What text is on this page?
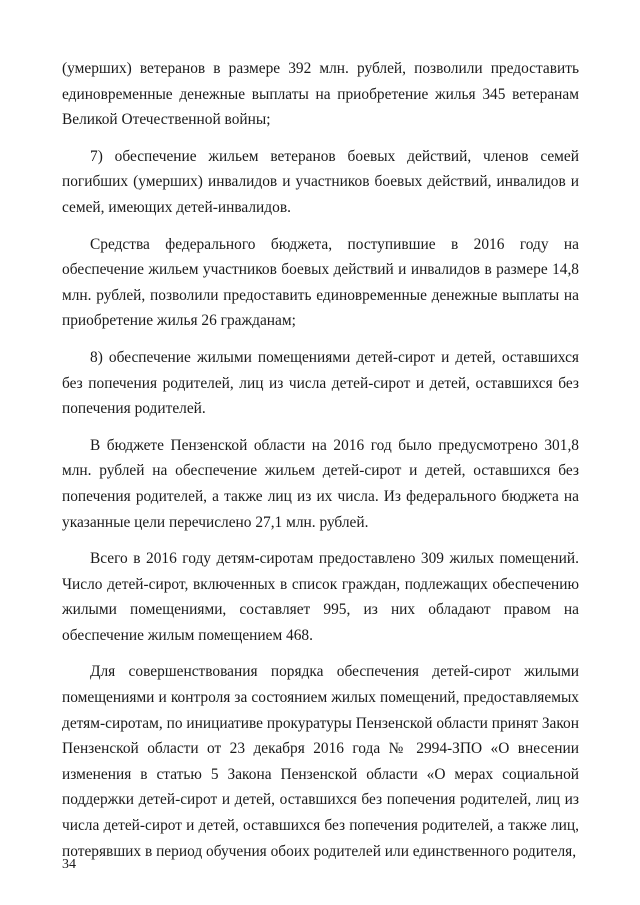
(умерших) ветеранов в размере 392 млн. рублей, позволили предоставить единовременные денежные выплаты на приобретение жилья 345 ветеранам Великой Отечественной войны;

7) обеспечение жильем ветеранов боевых действий, членов семей погибших (умерших) инвалидов и участников боевых действий, инвалидов и семей, имеющих детей-инвалидов.

Средства федерального бюджета, поступившие в 2016 году на обеспечение жильем участников боевых действий и инвалидов в размере 14,8 млн. рублей, позволили предоставить единовременные денежные выплаты на приобретение жилья 26 гражданам;

8) обеспечение жилыми помещениями детей-сирот и детей, оставшихся без попечения родителей, лиц из числа детей-сирот и детей, оставшихся без попечения родителей.

В бюджете Пензенской области на 2016 год было предусмотрено 301,8 млн. рублей на обеспечение жильем детей-сирот и детей, оставшихся без попечения родителей, а также лиц из их числа. Из федерального бюджета на указанные цели перечислено 27,1 млн. рублей.

Всего в 2016 году детям-сиротам предоставлено 309 жилых помещений. Число детей-сирот, включенных в список граждан, подлежащих обеспечению жилыми помещениями, составляет 995, из них обладают правом на обеспечение жилым помещением 468.

Для совершенствования порядка обеспечения детей-сирот жилыми помещениями и контроля за состоянием жилых помещений, предоставляемых детям-сиротам, по инициативе прокуратуры Пензенской области принят Закон Пензенской области от 23 декабря 2016 года № 2994-ЗПО «О внесении изменения в статью 5 Закона Пензенской области «О мерах социальной поддержки детей-сирот и детей, оставшихся без попечения родителей, лиц из числа детей-сирот и детей, оставшихся без попечения родителей, а также лиц, потерявших в период обучения обоих родителей или единственного родителя,

34
